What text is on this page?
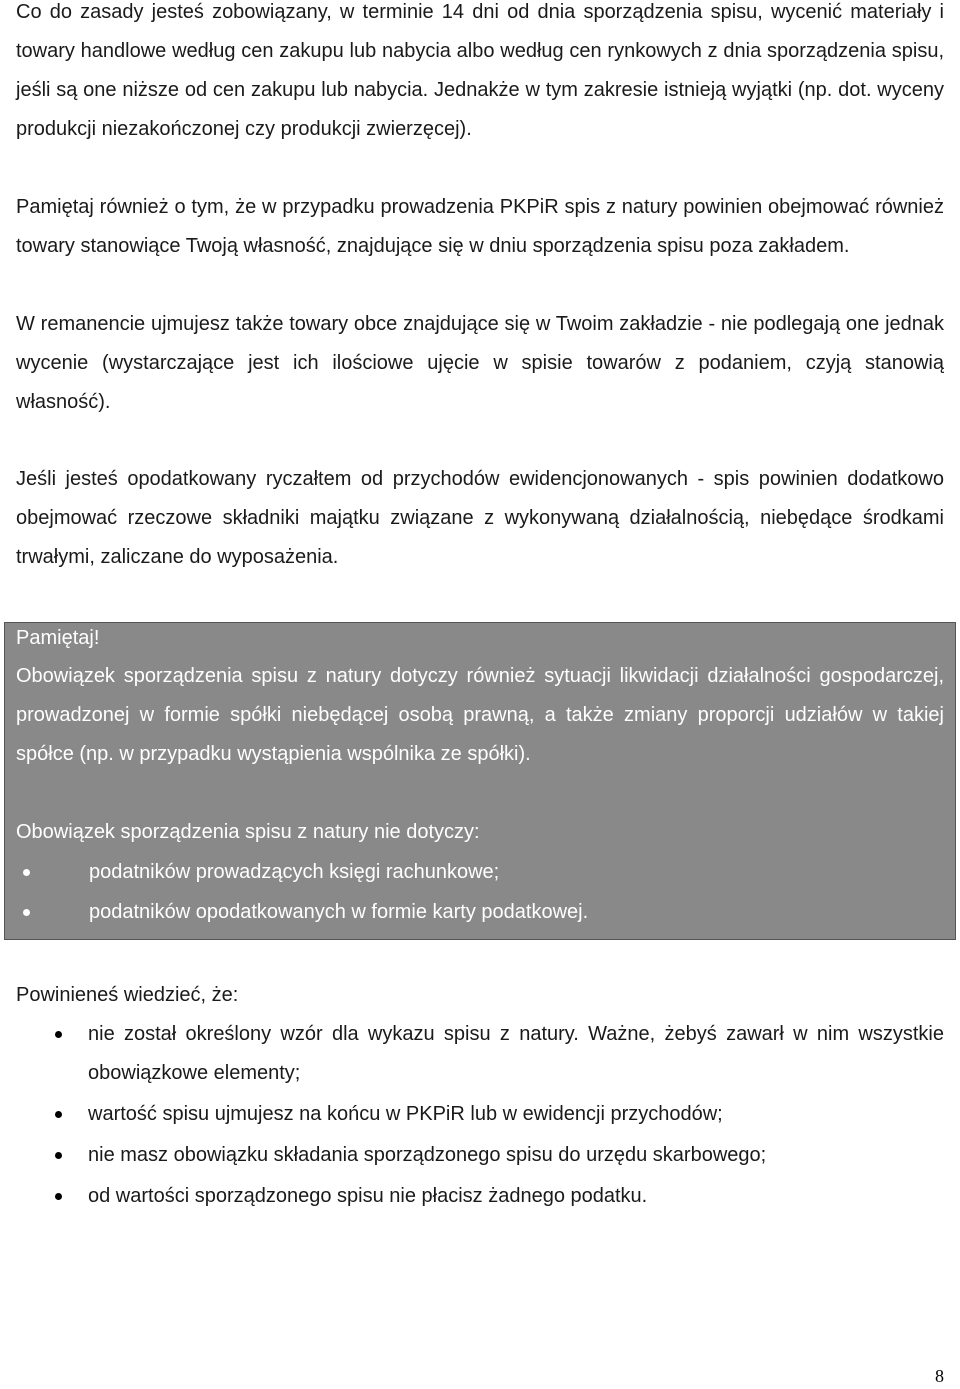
Co do zasady jesteś zobowiązany, w terminie 14 dni od dnia sporządzenia spisu, wycenić materiały i towary handlowe według cen zakupu lub nabycia albo według cen rynkowych z dnia sporządzenia spisu, jeśli są one niższe od cen zakupu lub nabycia. Jednakże w tym zakresie istnieją wyjątki (np. dot. wyceny produkcji niezakończonej czy produkcji zwierzęcej).

Pamiętaj również o tym, że w przypadku prowadzenia PKPiR spis z natury powinien obejmować również towary stanowiące Twoją własność, znajdujące się w dniu sporządzenia spisu poza zakładem.

W remanencie ujmujesz także towary obce znajdujące się w Twoim zakładzie - nie podlegają one jednak wycenie (wystarczające jest ich ilościowe ujęcie w spisie towarów z podaniem, czyją stanowią własność).

Jeśli jesteś opodatkowany ryczałtem od przychodów ewidencjonowanych - spis powinien dodatkowo obejmować rzeczowe składniki majątku związane z wykonywaną działalnością, niebędące środkami trwałymi, zaliczane do wyposażenia.

Pamiętaj!

Obowiązek sporządzenia spisu z natury dotyczy również sytuacji likwidacji działalności gospodarczej, prowadzonej w formie spółki niebędącej osobą prawną, a także zmiany proporcji udziałów w takiej spółce (np. w przypadku wystąpienia wspólnika ze spółki).

Obowiązek sporządzenia spisu z natury nie dotyczy:

podatników prowadzących księgi rachunkowe;
podatników opodatkowanych w formie karty podatkowej.

Powinieneś wiedzieć, że:

nie został określony wzór dla wykazu spisu z natury. Ważne, żebyś zawarł w nim wszystkie obowiązkowe elementy;
wartość spisu ujmujesz na końcu w PKPiR lub w ewidencji przychodów;
nie masz obowiązku składania sporządzonego spisu do urzędu skarbowego;
od wartości sporządzonego spisu nie płacisz żadnego podatku.
8
